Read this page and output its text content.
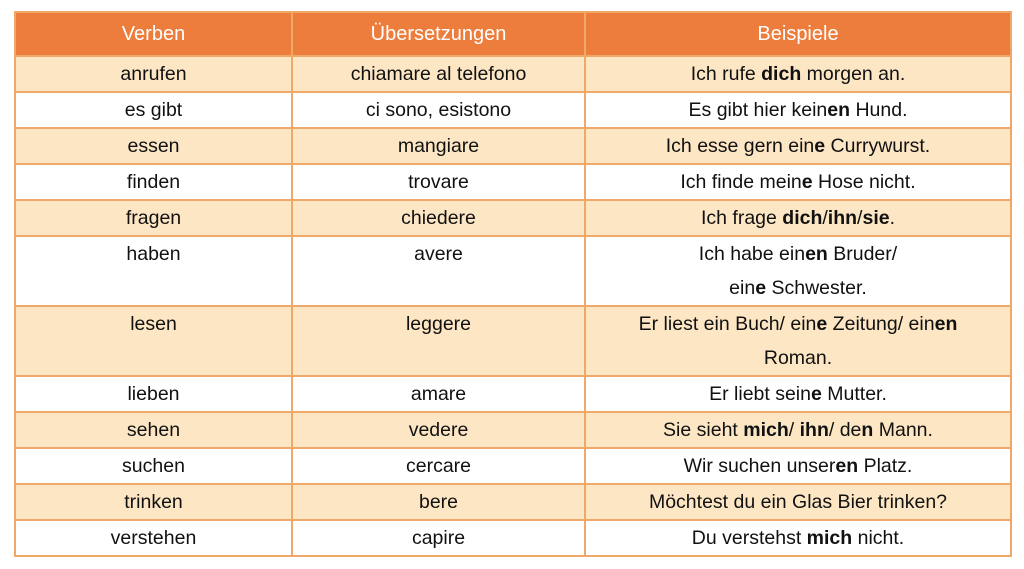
Verben	Übersetzungen	Beispiele
anrufen	chiamare al telefono	Ich rufe dich morgen an.

es gibt	ci sono, esistono	Es gibt hier keinen Hund.

essen	mangiare	Ich esse gern eine Currywurst.

finden	trovare	Ich finde meine Hose nicht.

fragen	chiedere	Ich frage dich/ihn/sie.

haben	avere	Ich habe einen Bruder/
eine Schwester.

lesen	leggere	Er liest ein Buch/ eine Zeitung/ einen
Roman.

lieben	amare	Er liebt seine Mutter.

sehen	vedere	Sie sieht mich/ ihn/ den Mann.

suchen	cercare	Wir suchen unseren Platz.

trinken	bere	Möchtest du ein Glas Bier trinken?

verstehen	capire	Du verstehst mich nicht.
